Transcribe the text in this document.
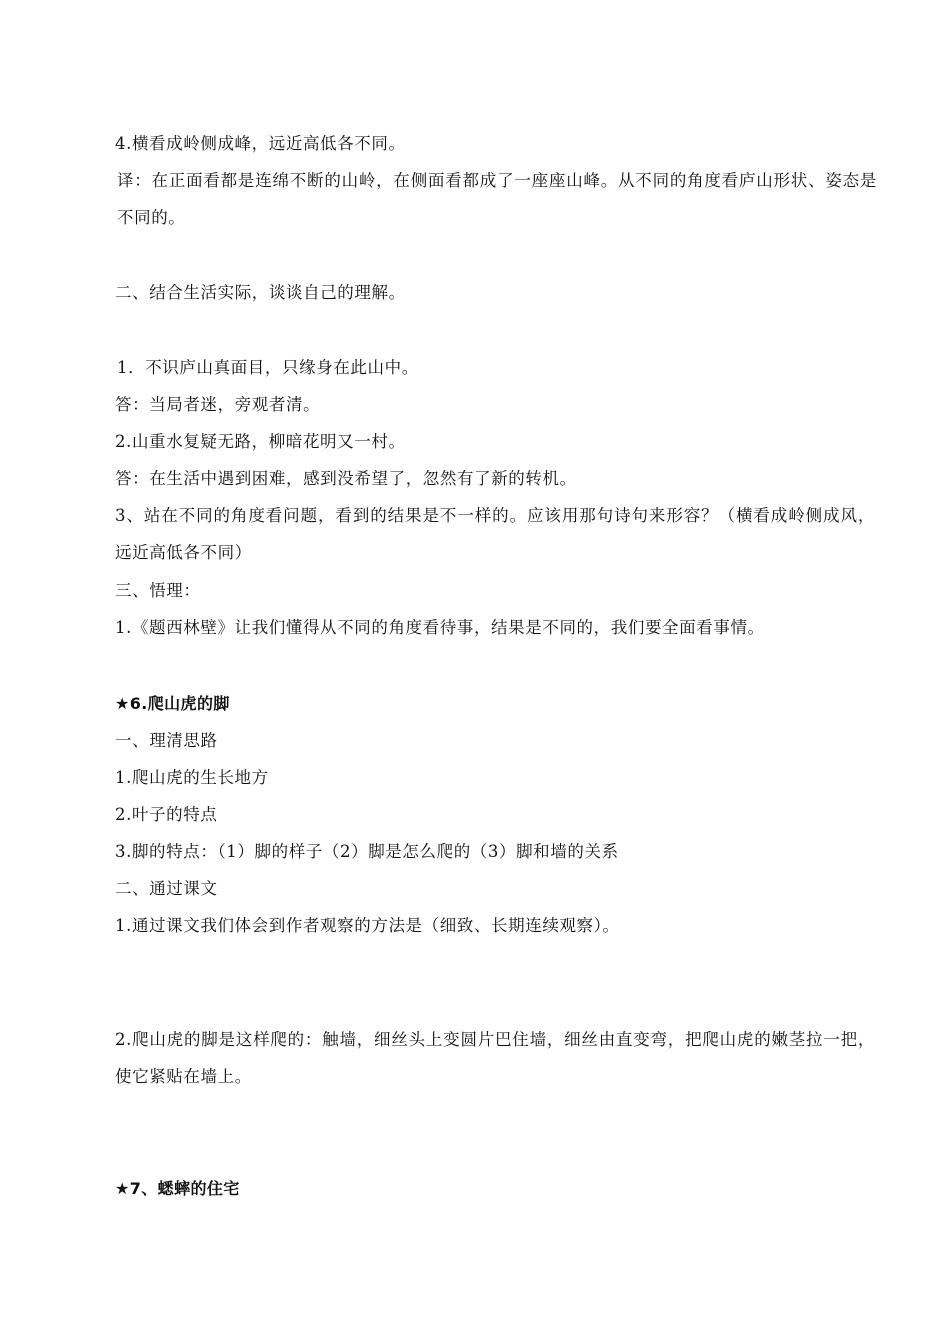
4.横看成岭侧成峰，远近高低各不同。
译：在正面看都是连绵不断的山岭，在侧面看都成了一座座山峰。从不同的角度看庐山形状、姿态是不同的。
二、结合生活实际，谈谈自己的理解。
1．不识庐山真面目，只缘身在此山中。
答：当局者迷，旁观者清。
2.山重水复疑无路，柳暗花明又一村。
答：在生活中遇到困难，感到没希望了，忽然有了新的转机。
3、站在不同的角度看问题，看到的结果是不一样的。应该用那句诗句来形容？（横看成岭侧成风，远近高低各不同）
三、悟理：
1.《题西林壁》让我们懂得从不同的角度看待事，结果是不同的，我们要全面看事情。
★6.爬山虎的脚
一、理清思路
1.爬山虎的生长地方
2.叶子的特点
3.脚的特点：（1）脚的样子（2）脚是怎么爬的（3）脚和墙的关系
二、通过课文
1.通过课文我们体会到作者观察的方法是（细致、长期连续观察）。
2.爬山虎的脚是这样爬的：触墙，细丝头上变圆片巴住墙，细丝由直变弯，把爬山虎的嫩茎拉一把，使它紧贴在墙上。
★7、蟋蟀的住宅
